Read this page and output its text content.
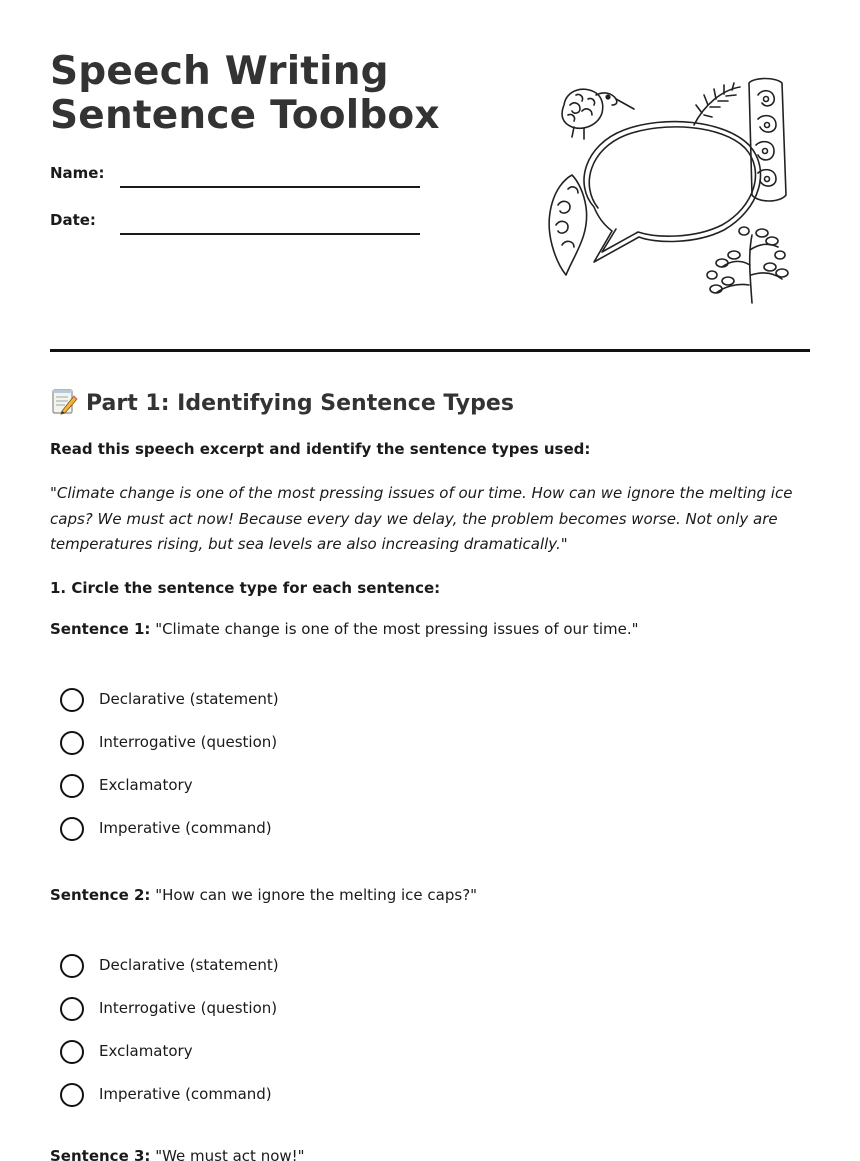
Speech Writing
Sentence Toolbox
Name:
Date:
Part 1: Identifying Sentence Types
Read this speech excerpt and identify the sentence types used:
"Climate change is one of the most pressing issues of our time. How can we ignore the melting ice caps? We must act now! Because every day we delay, the problem becomes worse. Not only are temperatures rising, but sea levels are also increasing dramatically."
1. Circle the sentence type for each sentence:
Sentence 1: "Climate change is one of the most pressing issues of our time."
Declarative (statement)
Interrogative (question)
Exclamatory
Imperative (command)
Sentence 2: "How can we ignore the melting ice caps?"
Declarative (statement)
Interrogative (question)
Exclamatory
Imperative (command)
Sentence 3: "We must act now!"
